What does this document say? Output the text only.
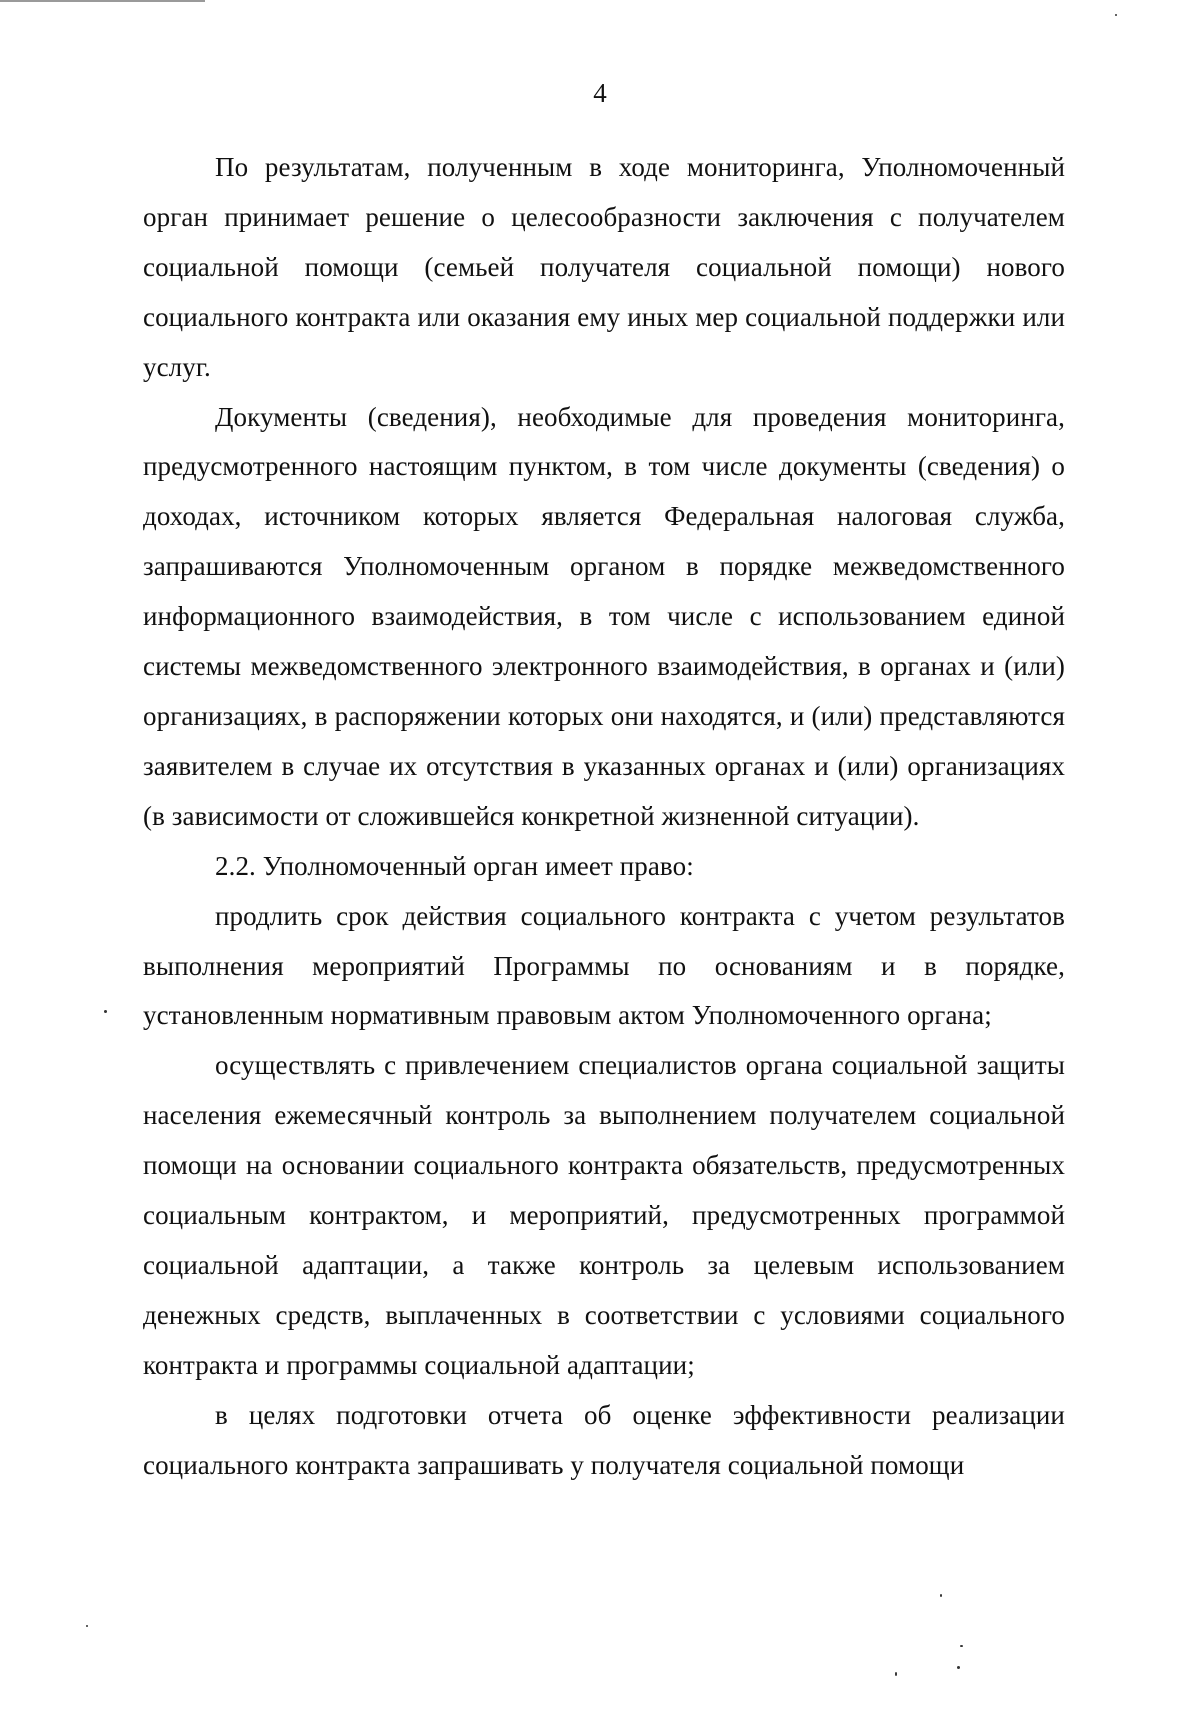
4

По результатам, полученным в ходе мониторинга, Уполномоченный орган принимает решение о целесообразности заключения с получателем социальной помощи (семьей получателя социальной помощи) нового социального контракта или оказания ему иных мер социальной поддержки или услуг.

Документы (сведения), необходимые для проведения мониторинга, предусмотренного настоящим пунктом, в том числе документы (сведения) о доходах, источником которых является Федеральная налоговая служба, запрашиваются Уполномоченным органом в порядке межведомственного информационного взаимодействия, в том числе с использованием единой системы межведомственного электронного взаимодействия, в органах и (или) организациях, в распоряжении которых они находятся, и (или) представляются заявителем в случае их отсутствия в указанных органах и (или) организациях (в зависимости от сложившейся конкретной жизненной ситуации).

2.2. Уполномоченный орган имеет право:

продлить срок действия социального контракта с учетом результатов выполнения мероприятий Программы по основаниям и в порядке, установленным нормативным правовым актом Уполномоченного органа;

осуществлять с привлечением специалистов органа социальной защиты населения ежемесячный контроль за выполнением получателем социальной помощи на основании социального контракта обязательств, предусмотренных социальным контрактом, и мероприятий, предусмотренных программой социальной адаптации, а также контроль за целевым использованием денежных средств, выплаченных в соответствии с условиями социального контракта и программы социальной адаптации;

в целях подготовки отчета об оценке эффективности реализации социального контракта запрашивать у получателя социальной помощи
